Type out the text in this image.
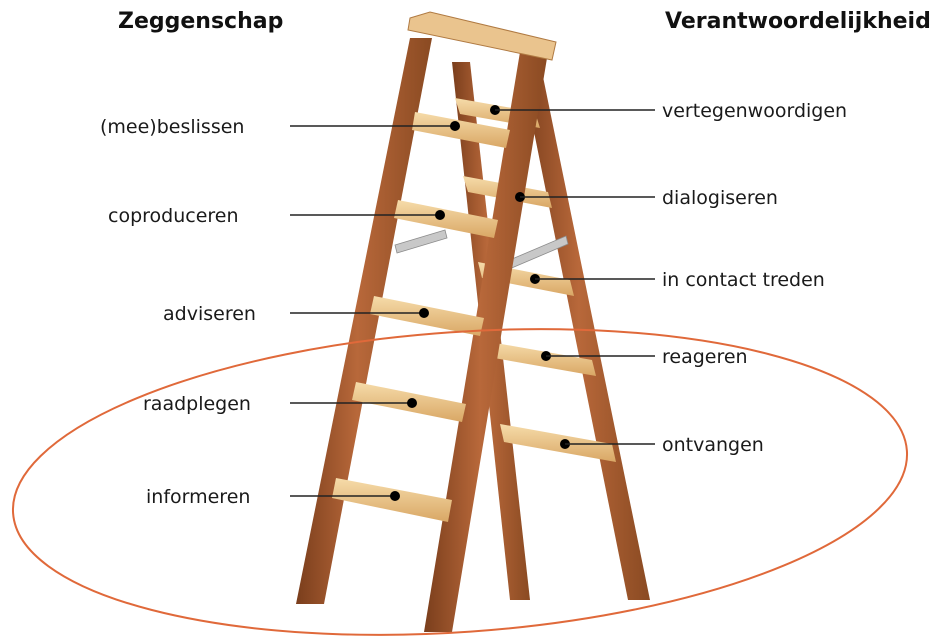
Zeggenschap	Verantwoordelijkheid
(mee)beslissen
coproduceren
adviseren
raadplegen
informeren
vertegenwoordigen
dialogiseren
in contact treden
reageren
ontvangen
